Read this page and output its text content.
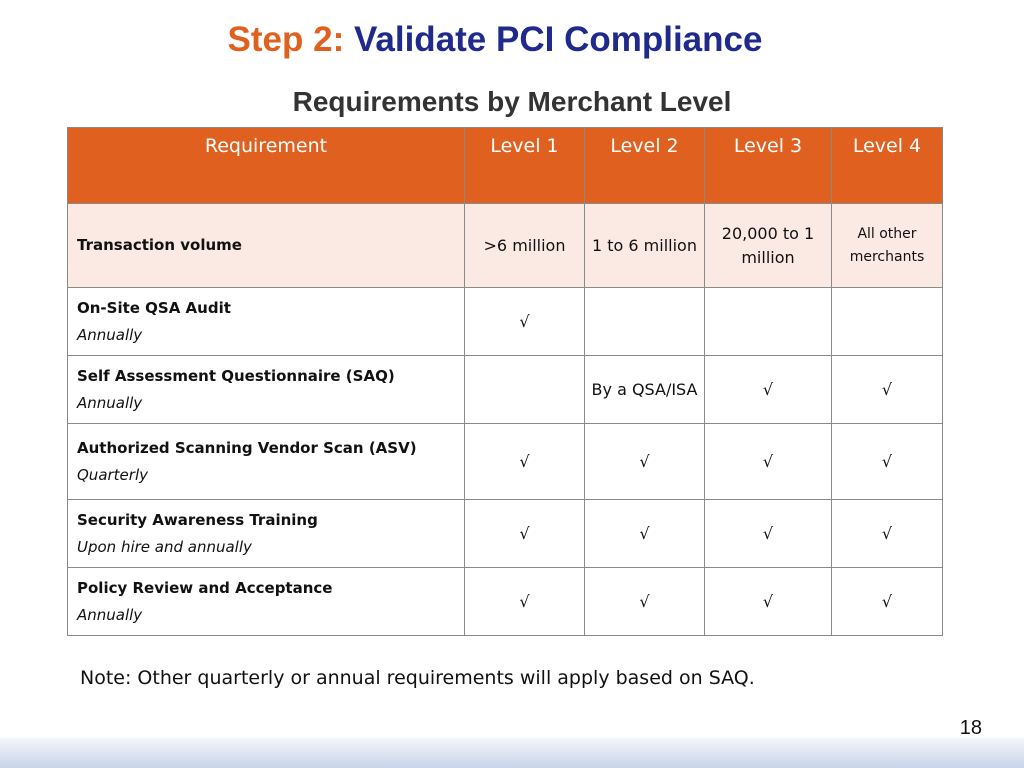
Step 2: Validate PCI Compliance
Requirements by Merchant Level
Requirement	Level 1	Level 2	Level 3	Level 4

Transaction volume	>6 million	1 to 6 million	20,000 to 1 million	All other merchants

On-Site QSA Audit
Annually	√			

Self Assessment Questionnaire (SAQ)
Annually		By a QSA/ISA	√	√

Authorized Scanning Vendor Scan (ASV)
Quarterly	√	√	√	√

Security Awareness Training
Upon hire and annually	√	√	√	√

Policy Review and Acceptance
Annually	√	√	√	√
Note: Other quarterly or annual requirements will apply based on SAQ.
18
